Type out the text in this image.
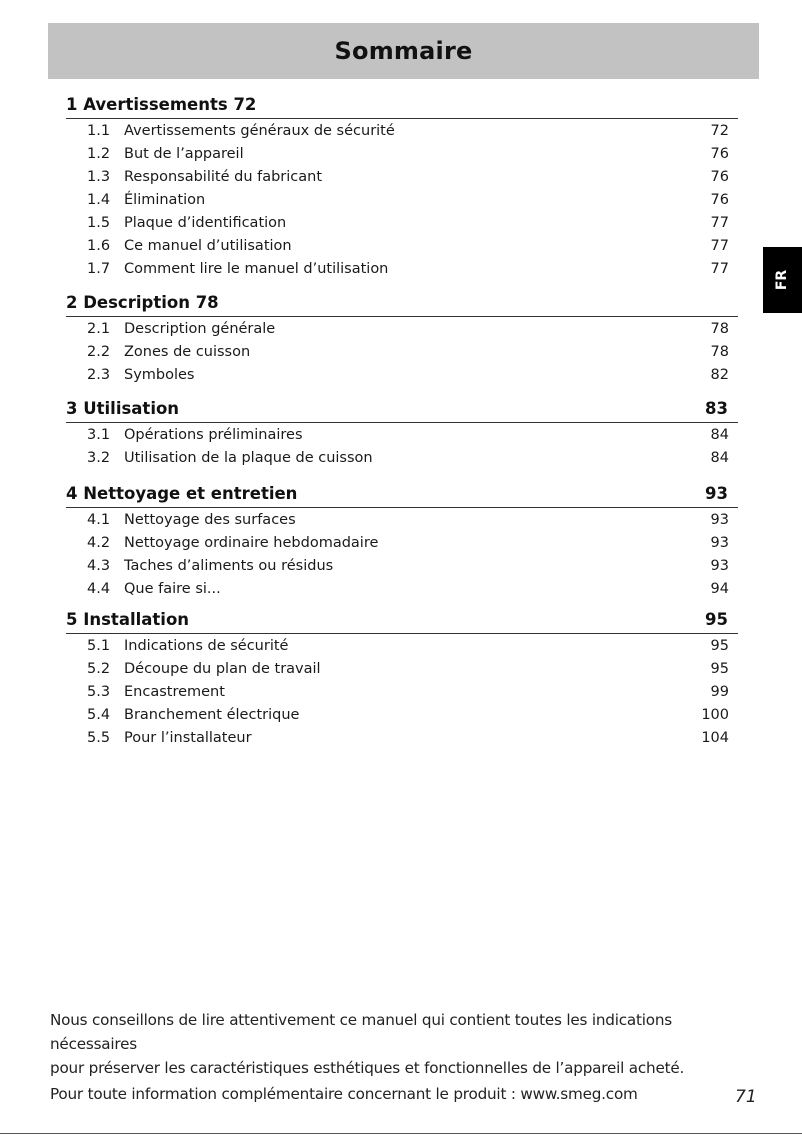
Sommaire
FR
1 Avertissements 72
1.1 Avertissements généraux de sécurité	72
1.2 But de l’appareil	76
1.3 Responsabilité du fabricant	76
1.4 Élimination	76
1.5 Plaque d’identification	77
1.6 Ce manuel d’utilisation	77
1.7 Comment lire le manuel d’utilisation	77
2 Description 78
2.1 Description générale	78
2.2 Zones de cuisson	78
2.3 Symboles	82
3 Utilisation	83
3.1 Opérations préliminaires	84
3.2 Utilisation de la plaque de cuisson	84
4 Nettoyage et entretien	93
4.1 Nettoyage des surfaces	93
4.2 Nettoyage ordinaire hebdomadaire	93
4.3 Taches d’aliments ou résidus	93
4.4 Que faire si...	94
5 Installation	95
5.1 Indications de sécurité	95
5.2 Découpe du plan de travail	95
5.3 Encastrement	99
5.4 Branchement électrique	100
5.5 Pour l’installateur	104

Nous conseillons de lire attentivement ce manuel qui contient toutes les indications nécessaires

pour préserver les caractéristiques esthétiques et fonctionnelles de l’appareil acheté.

Pour toute information complémentaire concernant le produit : www.smeg.com	71
